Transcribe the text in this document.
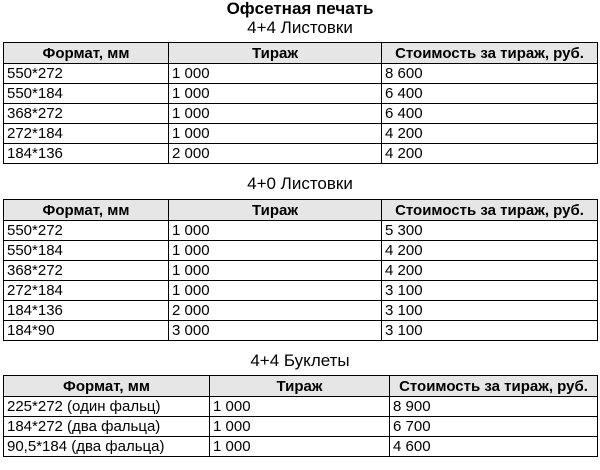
Офсетная печать
4+4 Листовки
Формат, мм	Тираж	Стоимость за тираж, руб.
550*272	1 000	8 600
550*184	1 000	6 400
368*272	1 000	6 400
272*184	1 000	4 200
184*136	2 000	4 200
4+0 Листовки
Формат, мм	Тираж	Стоимость за тираж, руб.
550*272	1 000	5 300
550*184	1 000	4 200
368*272	1 000	4 200
272*184	1 000	3 100
184*136	2 000	3 100
184*90	3 000	3 100
4+4 Буклеты
Формат, мм	Тираж	Стоимость за тираж, руб.
225*272 (один фальц)	1 000	8 900
184*272 (два фальца)	1 000	6 700
90,5*184 (два фальца)	1 000	4 600
